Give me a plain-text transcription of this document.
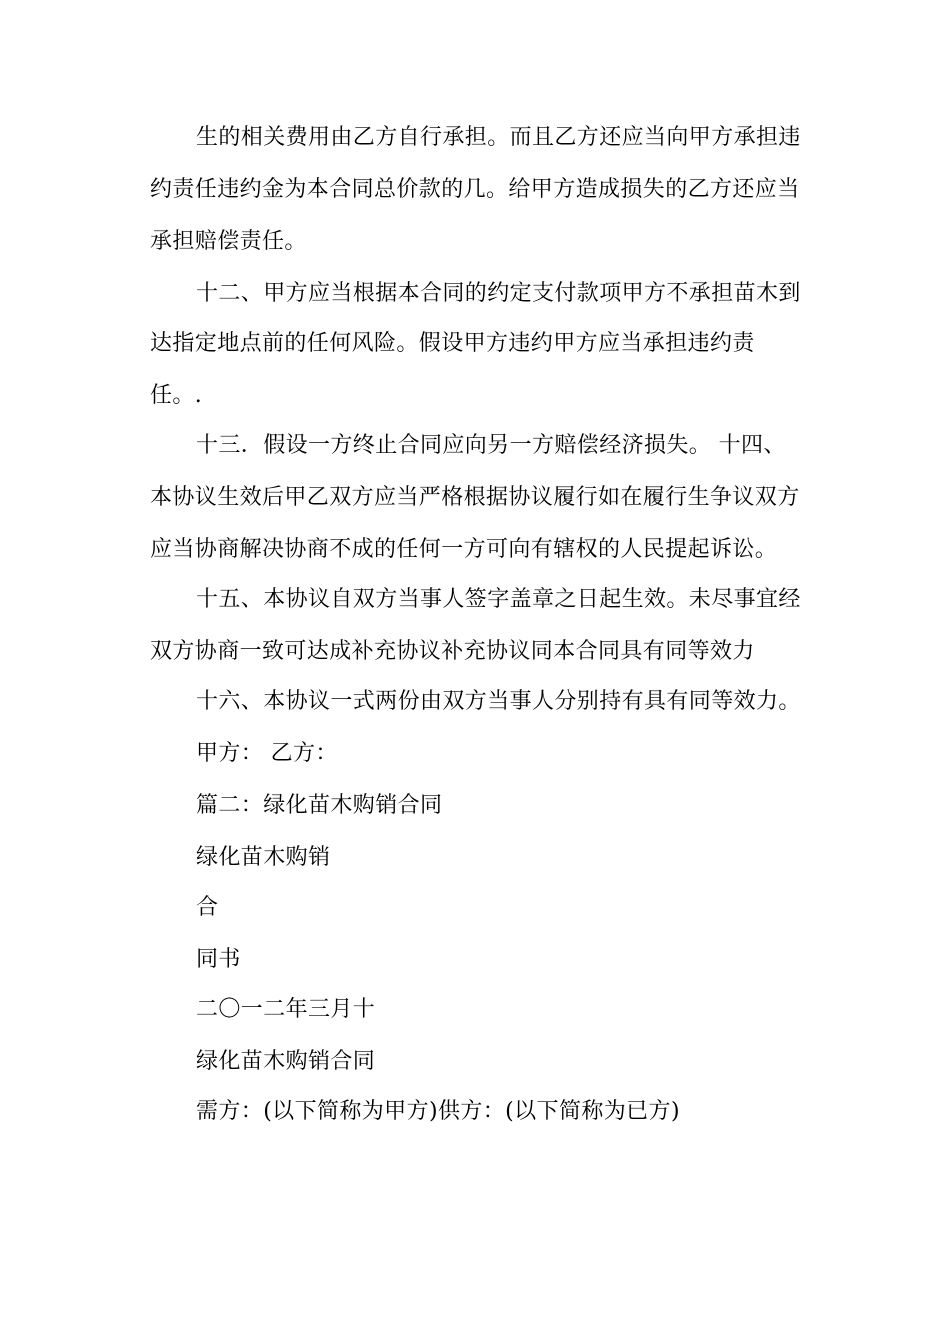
生的相关费用由乙方自行承担。而且乙方还应当向甲方承担违
约责任违约金为本合同总价款的几。给甲方造成损失的乙方还应当
承担赔偿责任。
十二、甲方应当根据本合同的约定支付款项甲方不承担苗木到
达指定地点前的任何风险。假设甲方违约甲方应当承担违约责
任。.
十三．假设一方终止合同应向另一方赔偿经济损失。 十四、
本协议生效后甲乙双方应当严格根据协议履行如在履行生争议双方
应当协商解决协商不成的任何一方可向有辖权的人民提起诉讼。
十五、本协议自双方当事人签字盖章之日起生效。未尽事宜经
双方协商一致可达成补充协议补充协议同本合同具有同等效力
十六、本协议一式两份由双方当事人分别持有具有同等效力。
甲方： 乙方：
篇二：绿化苗木购销合同
绿化苗木购销
合
同书
二〇一二年三月十
绿化苗木购销合同
需方：(以下简称为甲方)供方：(以下简称为已方)
